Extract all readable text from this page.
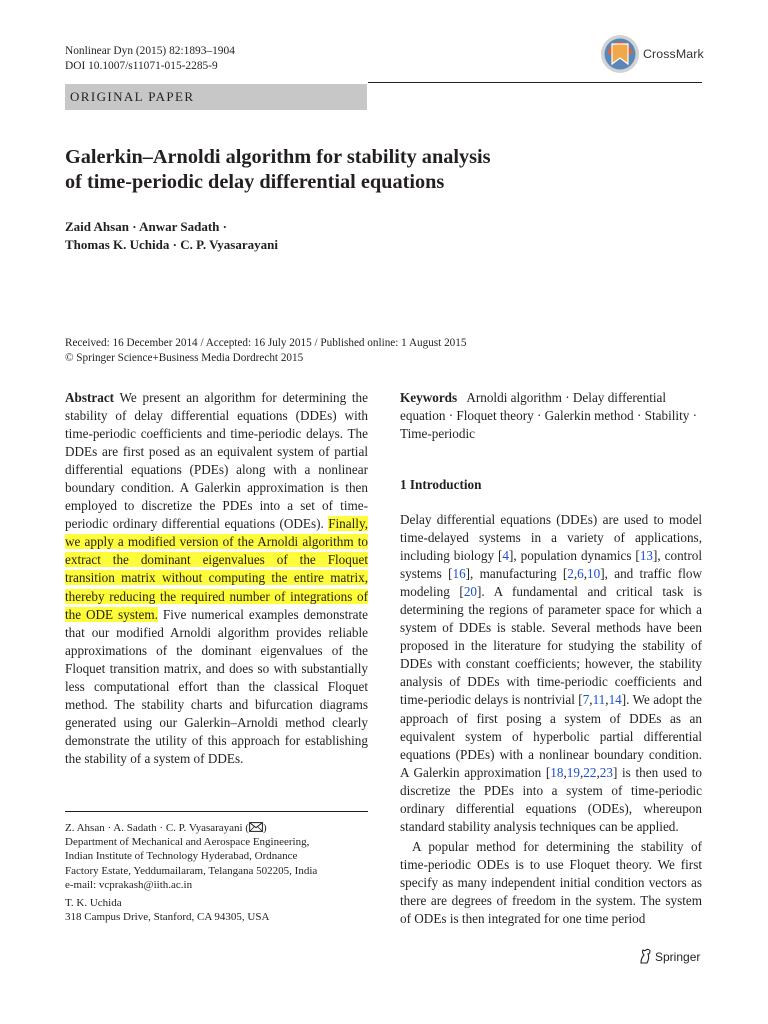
Nonlinear Dyn (2015) 82:1893–1904
DOI 10.1007/s11071-015-2285-9
CrossMark
ORIGINAL PAPER
Galerkin–Arnoldi algorithm for stability analysis
of time-periodic delay differential equations
Zaid Ahsan · Anwar Sadath ·
Thomas K. Uchida · C. P. Vyasarayani
Received: 16 December 2014 / Accepted: 16 July 2015 / Published online: 1 August 2015
© Springer Science+Business Media Dordrecht 2015
Abstract We present an algorithm for determining the stability of delay differential equations (DDEs) with time-periodic coefficients and time-periodic delays. The DDEs are first posed as an equivalent system of partial differential equations (PDEs) along with a nonlinear boundary condition. A Galerkin approximation is then employed to discretize the PDEs into a set of time-periodic ordinary differential equations (ODEs). Finally, we apply a modified version of the Arnoldi algorithm to extract the dominant eigenvalues of the Floquet transition matrix without computing the entire matrix, thereby reducing the required number of integrations of the ODE system. Five numerical examples demonstrate that our modified Arnoldi algorithm provides reliable approximations of the dominant eigenvalues of the Floquet transition matrix, and does so with substantially less computational effort than the classical Floquet method. The stability charts and bifurcation diagrams generated using our Galerkin–Arnoldi method clearly demonstrate the utility of this approach for establishing the stability of a system of DDEs.
Keywords Arnoldi algorithm · Delay differential equation · Floquet theory · Galerkin method · Stability · Time-periodic
1 Introduction
Delay differential equations (DDEs) are used to model time-delayed systems in a variety of applications, including biology [4], population dynamics [13], control systems [16], manufacturing [2,6,10], and traffic flow modeling [20]. A fundamental and critical task is determining the regions of parameter space for which a system of DDEs is stable. Several methods have been proposed in the literature for studying the stability of DDEs with constant coefficients; however, the stability analysis of DDEs with time-periodic coefficients and time-periodic delays is nontrivial [7,11,14]. We adopt the approach of first posing a system of DDEs as an equivalent system of hyperbolic partial differential equations (PDEs) with a nonlinear boundary condition. A Galerkin approximation [18,19,22,23] is then used to discretize the PDEs into a system of time-periodic ordinary differential equations (ODEs), whereupon standard stability analysis techniques can be applied.
A popular method for determining the stability of time-periodic ODEs is to use Floquet theory. We first specify as many independent initial condition vectors as there are degrees of freedom in the system. The system of ODEs is then integrated for one time period
Z. Ahsan · A. Sadath · C. P. Vyasarayani ( )
Department of Mechanical and Aerospace Engineering,
Indian Institute of Technology Hyderabad, Ordnance
Factory Estate, Yeddumailaram, Telangana 502205, India
e-mail: vcprakash@iith.ac.in
T. K. Uchida
318 Campus Drive, Stanford, CA 94305, USA
Springer
